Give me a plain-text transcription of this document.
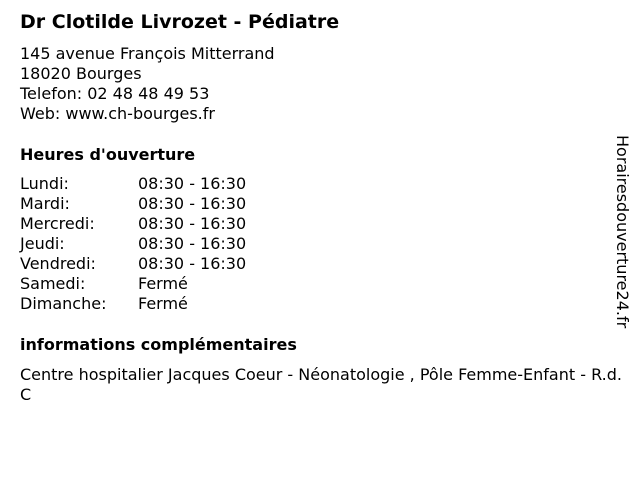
Dr Clotilde Livrozet - Pédiatre
145 avenue François Mitterrand
18020 Bourges
Telefon: 02 48 48 49 53
Web: www.ch-bourges.fr
Heures d'ouverture
Lundi:	08:30 - 16:30
Mardi:	08:30 - 16:30
Mercredi:	08:30 - 16:30
Jeudi:	08:30 - 16:30
Vendredi:	08:30 - 16:30
Samedi:	Fermé
Dimanche:	Fermé
informations complémentaires
Centre hospitalier Jacques Coeur - Néonatologie , Pôle Femme-Enfant - R.d.C
Horairesdouverture24.fr
